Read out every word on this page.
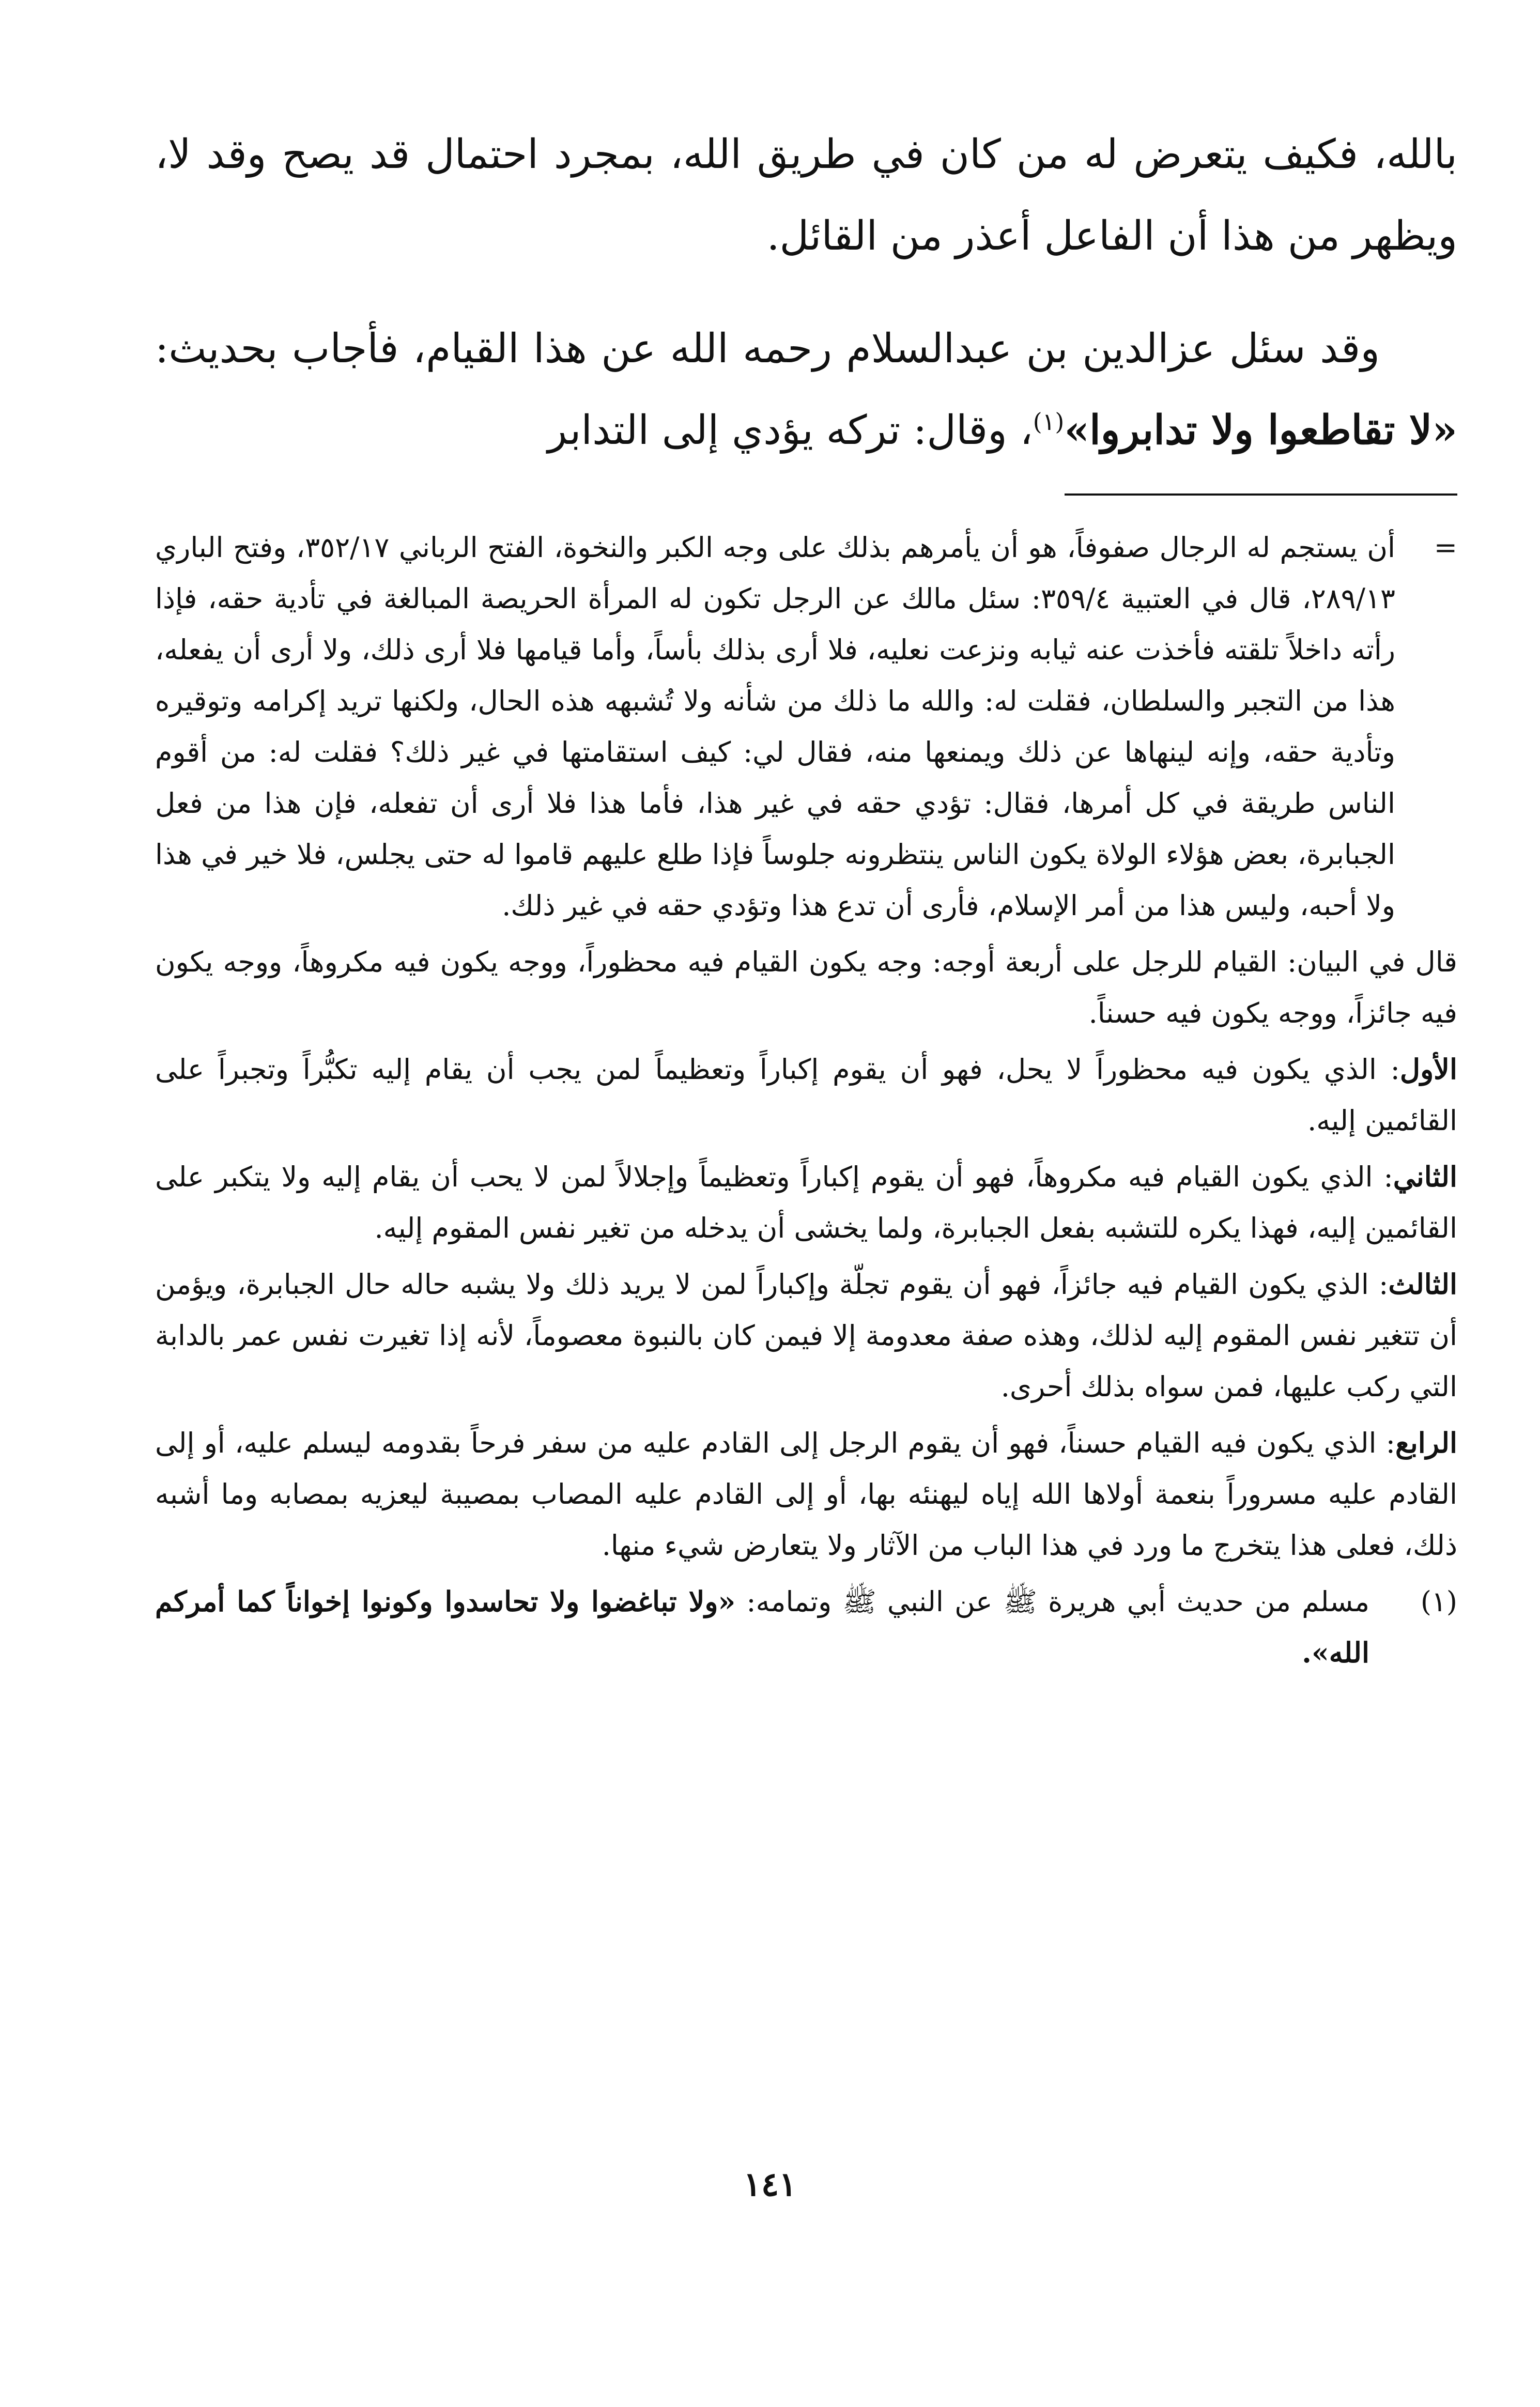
بالله، فكيف يتعرض له من كان في طريق الله، بمجرد احتمال قد يصح وقد لا، ويظهر من هذا أن الفاعل أعذر من القائل.

وقد سئل عزالدين بن عبدالسلام رحمه الله عن هذا القيام، فأجاب بحديث: «لا تقاطعوا ولا تدابروا»$^{(١)}$، وقال: تركه يؤدي إلى التدابر

=
أن يستجم له الرجال صفوفاً، هو أن يأمرهم بذلك على وجه الكبر والنخوة، الفتح الرباني ٣٥٢/١٧، وفتح الباري ٢٨٩/١٣، قال في العتبية ٣٥٩/٤: سئل مالك عن الرجل تكون له المرأة الحريصة المبالغة في تأدية حقه، فإذا رأته داخلاً تلقته فأخذت عنه ثيابه ونزعت نعليه، فلا أرى بذلك بأساً، وأما قيامها فلا أرى ذلك، ولا أرى أن يفعله، هذا من التجبر والسلطان، فقلت له: والله ما ذلك من شأنه ولا تُشبهه هذه الحال، ولكنها تريد إكرامه وتوقيره وتأدية حقه، وإنه لينهاها عن ذلك ويمنعها منه، فقال لي: كيف استقامتها في غير ذلك؟ فقلت له: من أقوم الناس طريقة في كل أمرها، فقال: تؤدي حقه في غير هذا، فأما هذا فلا أرى أن تفعله، فإن هذا من فعل الجبابرة، بعض هؤلاء الولاة يكون الناس ينتظرونه جلوساً فإذا طلع عليهم قاموا له حتى يجلس، فلا خير في هذا ولا أحبه، وليس هذا من أمر الإسلام، فأرى أن تدع هذا وتؤدي حقه في غير ذلك.

قال في البيان: القيام للرجل على أربعة أوجه: وجه يكون القيام فيه محظوراً، ووجه يكون فيه مكروهاً، ووجه يكون فيه جائزاً، ووجه يكون فيه حسناً.

الأول: الذي يكون فيه محظوراً لا يحل، فهو أن يقوم إكباراً وتعظيماً لمن يجب أن يقام إليه تكبُّراً وتجبراً على القائمين إليه.

الثاني: الذي يكون القيام فيه مكروهاً، فهو أن يقوم إكباراً وتعظيماً وإجلالاً لمن لا يحب أن يقام إليه ولا يتكبر على القائمين إليه، فهذا يكره للتشبه بفعل الجبابرة، ولما يخشى أن يدخله من تغير نفس المقوم إليه.

الثالث: الذي يكون القيام فيه جائزاً، فهو أن يقوم تجلّة وإكباراً لمن لا يريد ذلك ولا يشبه حاله حال الجبابرة، ويؤمن أن تتغير نفس المقوم إليه لذلك، وهذه صفة معدومة إلا فيمن كان بالنبوة معصوماً، لأنه إذا تغيرت نفس عمر بالدابة التي ركب عليها، فمن سواه بذلك أحرى.

الرابع: الذي يكون فيه القيام حسناً، فهو أن يقوم الرجل إلى القادم عليه من سفر فرحاً بقدومه ليسلم عليه، أو إلى القادم عليه مسروراً بنعمة أولاها الله إياه ليهنئه بها، أو إلى القادم عليه المصاب بمصيبة ليعزيه بمصابه وما أشبه ذلك، فعلى هذا يتخرج ما ورد في هذا الباب من الآثار ولا يتعارض شيء منها.

(١)
مسلم من حديث أبي هريرة ﷺ عن النبي ﷺ وتمامه: «ولا تباغضوا ولا تحاسدوا وكونوا إخواناً كما أمركم الله».

١٤١
